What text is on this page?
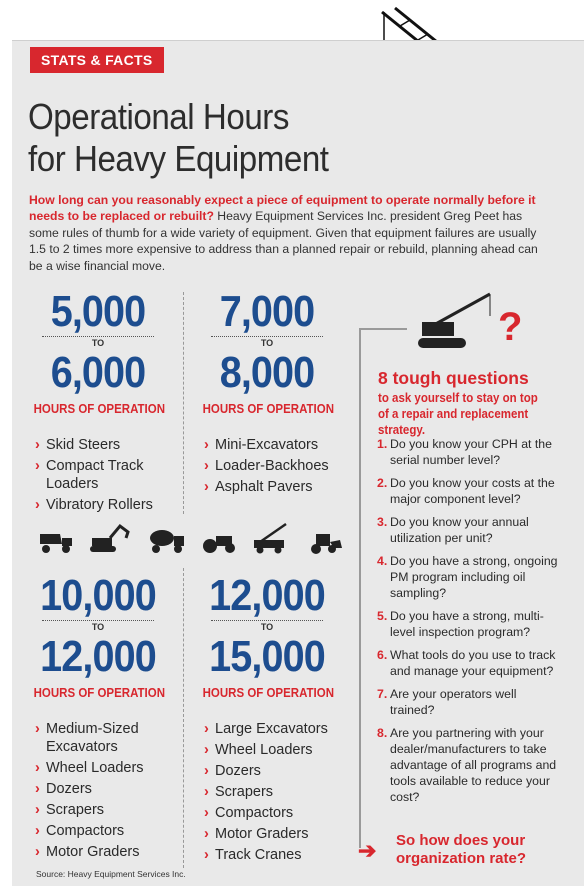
STATS & FACTS
Operational Hours
for Heavy Equipment
How long can you reasonably expect a piece of equipment to operate normally before it needs to be replaced or rebuilt? Heavy Equipment Services Inc. president Greg Peet has some rules of thumb for a wide variety of equipment. Given that equipment failures are usually 1.5 to 2 times more expensive to address than a planned repair or rebuild, planning ahead can be a wise financial move.
5,000
TO
6,000
HOURS OF OPERATION
› Skid Steers
› Compact Track Loaders
› Vibratory Rollers
7,000
TO
8,000
HOURS OF OPERATION
› Mini-Excavators
› Loader-Backhoes
› Asphalt Pavers
10,000
TO
12,000
HOURS OF OPERATION
› Medium-Sized Excavators
› Wheel Loaders
› Dozers
› Scrapers
› Compactors
› Motor Graders
12,000
TO
15,000
HOURS OF OPERATION
› Large Excavators
› Wheel Loaders
› Dozers
› Scrapers
› Compactors
› Motor Graders
› Track Cranes
?
8 tough questions
to ask yourself to stay on top of a repair and replacement strategy.
1. Do you know your CPH at the serial number level?
2. Do you know your costs at the major component level?
3. Do you know your annual utilization per unit?
4. Do you have a strong, ongoing PM program including oil sampling?
5. Do you have a strong, multi-level inspection program?
6. What tools do you use to track and manage your equipment?
7. Are your operators well trained?
8. Are you partnering with your dealer/manufacturers to take advantage of all programs and tools available to reduce your cost?
➔ So how does your organization rate?
Source: Heavy Equipment Services Inc.
